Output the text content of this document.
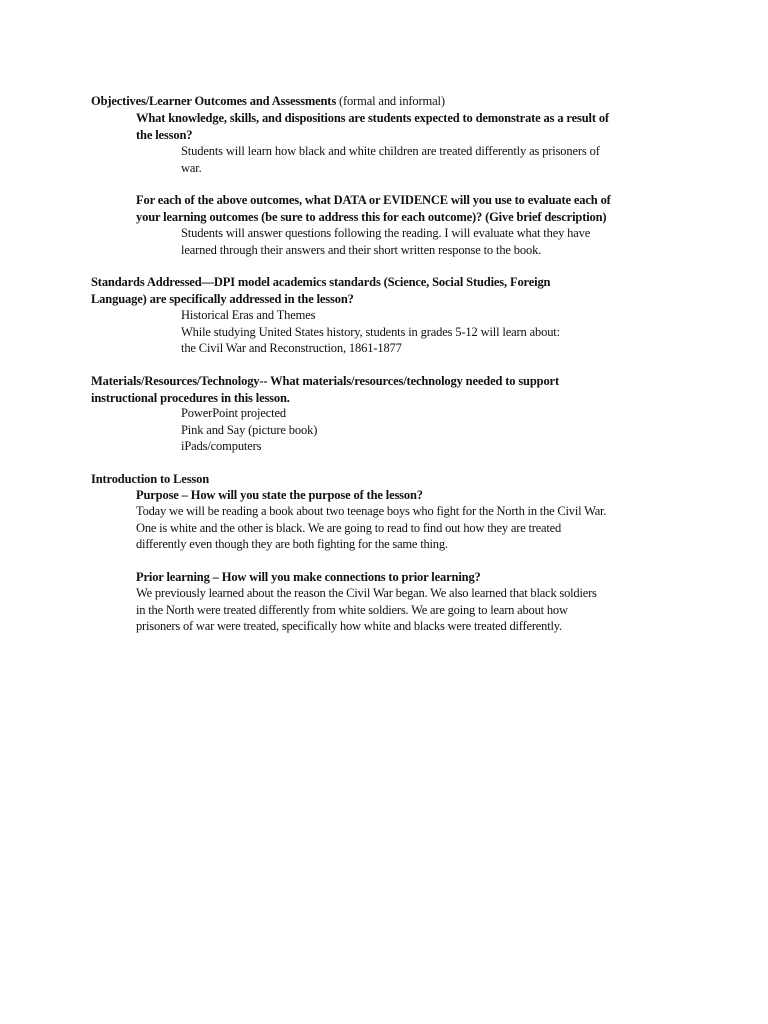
Objectives/Learner Outcomes and Assessments (formal and informal)
What knowledge, skills, and dispositions are students expected to demonstrate as a result of
the lesson?
Students will learn how black and white children are treated differently as prisoners of
war.
For each of the above outcomes, what DATA or EVIDENCE will you use to evaluate each of
your learning outcomes (be sure to address this for each outcome)? (Give brief description)
Students will answer questions following the reading. I will evaluate what they have
learned through their answers and their short written response to the book.
Standards Addressed—DPI model academics standards (Science, Social Studies, Foreign
Language) are specifically addressed in the lesson?
Historical Eras and Themes
While studying United States history, students in grades 5-12 will learn about:
the Civil War and Reconstruction, 1861-1877
Materials/Resources/Technology-- What materials/resources/technology needed to support
instructional procedures in this lesson.
PowerPoint projected
Pink and Say (picture book)
iPads/computers
Introduction to Lesson
Purpose – How will you state the purpose of the lesson?
Today we will be reading a book about two teenage boys who fight for the North in the Civil War.
One is white and the other is black. We are going to read to find out how they are treated
differently even though they are both fighting for the same thing.
Prior learning – How will you make connections to prior learning?
We previously learned about the reason the Civil War began. We also learned that black soldiers
in the North were treated differently from white soldiers. We are going to learn about how
prisoners of war were treated, specifically how white and blacks were treated differently.
